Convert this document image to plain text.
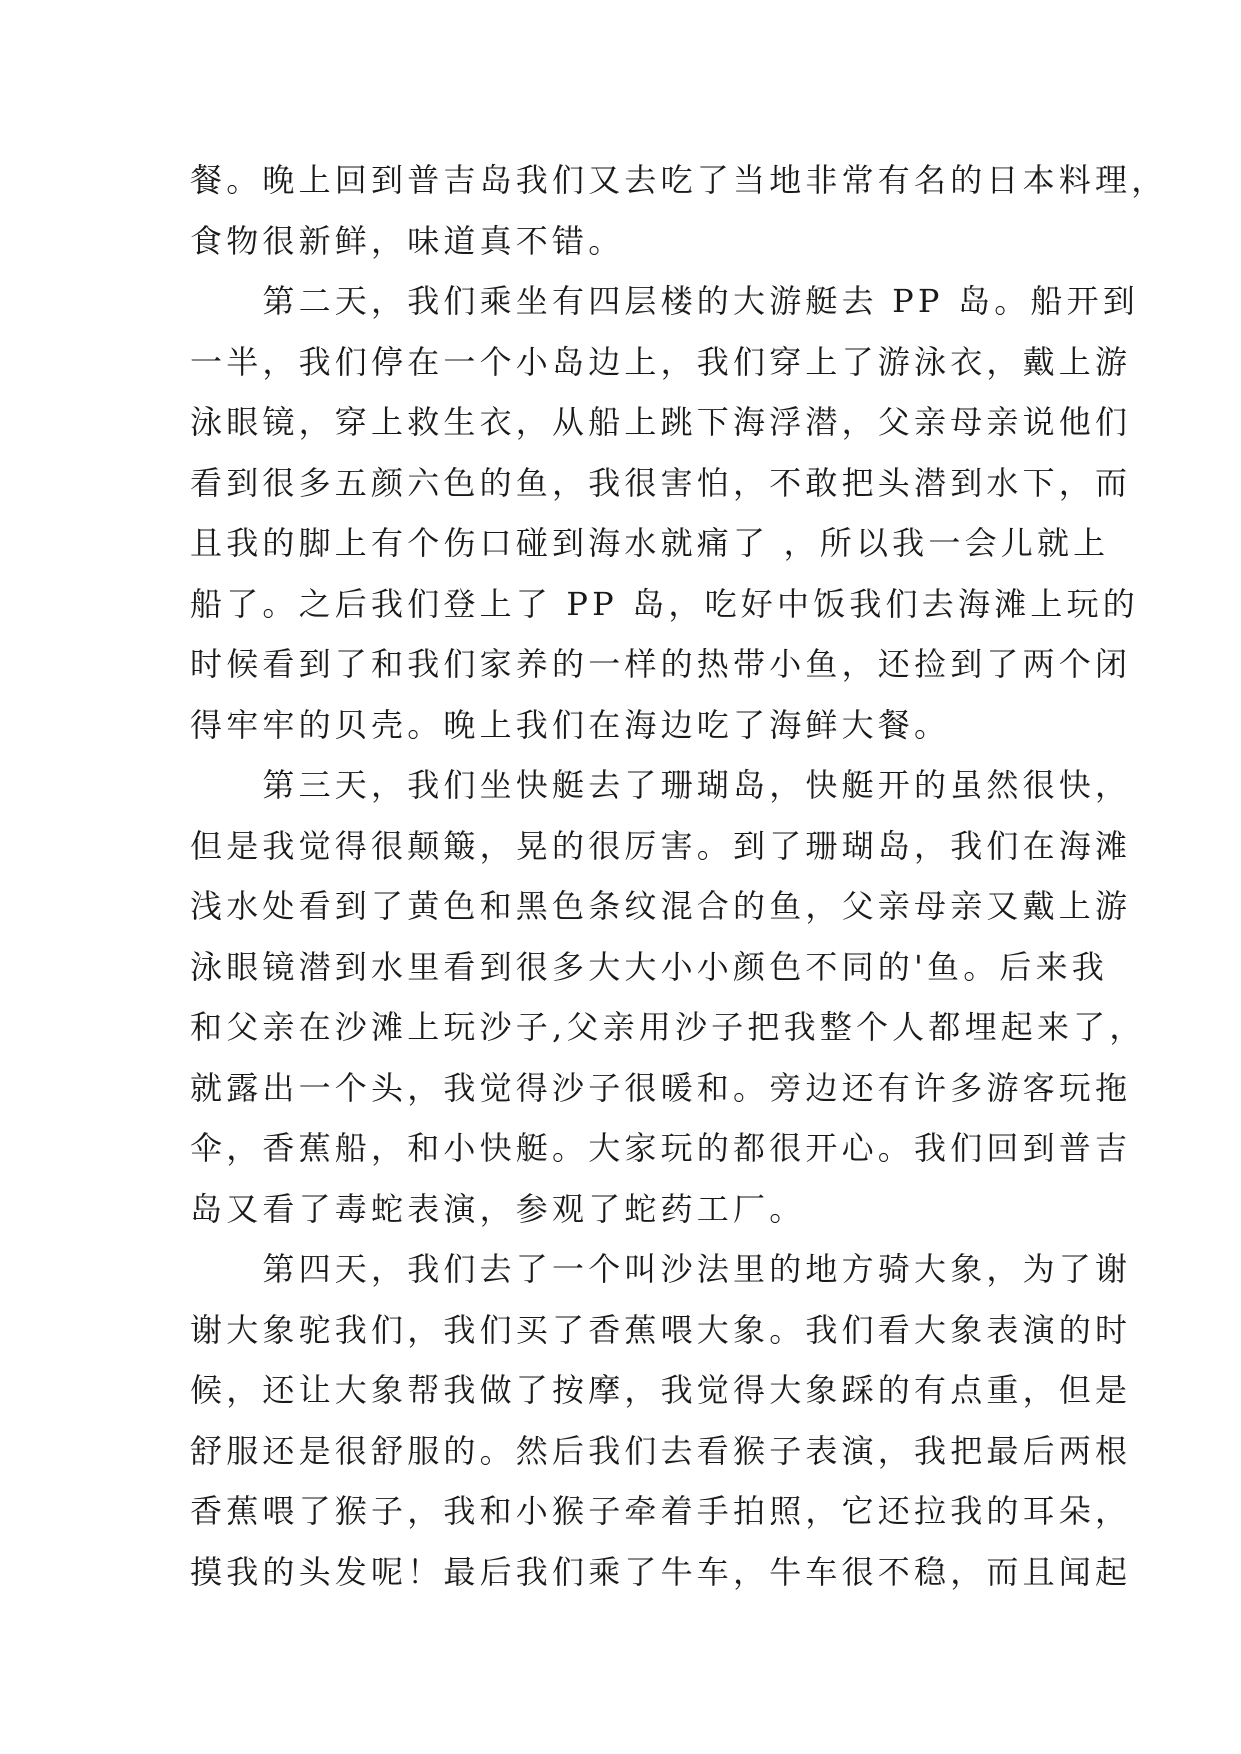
餐。晚上回到普吉岛我们又去吃了当地非常有名的日本料理，
食物很新鲜，味道真不错。
　　第二天，我们乘坐有四层楼的大游艇去 PP 岛。船开到
一半，我们停在一个小岛边上，我们穿上了游泳衣，戴上游
泳眼镜，穿上救生衣，从船上跳下海浮潜，父亲母亲说他们
看到很多五颜六色的鱼，我很害怕，不敢把头潜到水下，而
且我的脚上有个伤口碰到海水就痛了 ，所以我一会儿就上
船了。之后我们登上了 PP 岛，吃好中饭我们去海滩上玩的
时候看到了和我们家养的一样的热带小鱼，还捡到了两个闭
得牢牢的贝壳。晚上我们在海边吃了海鲜大餐。
　　第三天，我们坐快艇去了珊瑚岛，快艇开的虽然很快，
但是我觉得很颠簸，晃的很厉害。到了珊瑚岛，我们在海滩
浅水处看到了黄色和黑色条纹混合的鱼，父亲母亲又戴上游
泳眼镜潜到水里看到很多大大小小颜色不同的'鱼。后来我
和父亲在沙滩上玩沙子,父亲用沙子把我整个人都埋起来了，
就露出一个头，我觉得沙子很暖和。旁边还有许多游客玩拖
伞，香蕉船，和小快艇。大家玩的都很开心。我们回到普吉
岛又看了毒蛇表演，参观了蛇药工厂。
　　第四天，我们去了一个叫沙法里的地方骑大象，为了谢
谢大象驼我们，我们买了香蕉喂大象。我们看大象表演的时
候，还让大象帮我做了按摩，我觉得大象踩的有点重，但是
舒服还是很舒服的。然后我们去看猴子表演，我把最后两根
香蕉喂了猴子，我和小猴子牵着手拍照，它还拉我的耳朵，
摸我的头发呢！最后我们乘了牛车，牛车很不稳，而且闻起
